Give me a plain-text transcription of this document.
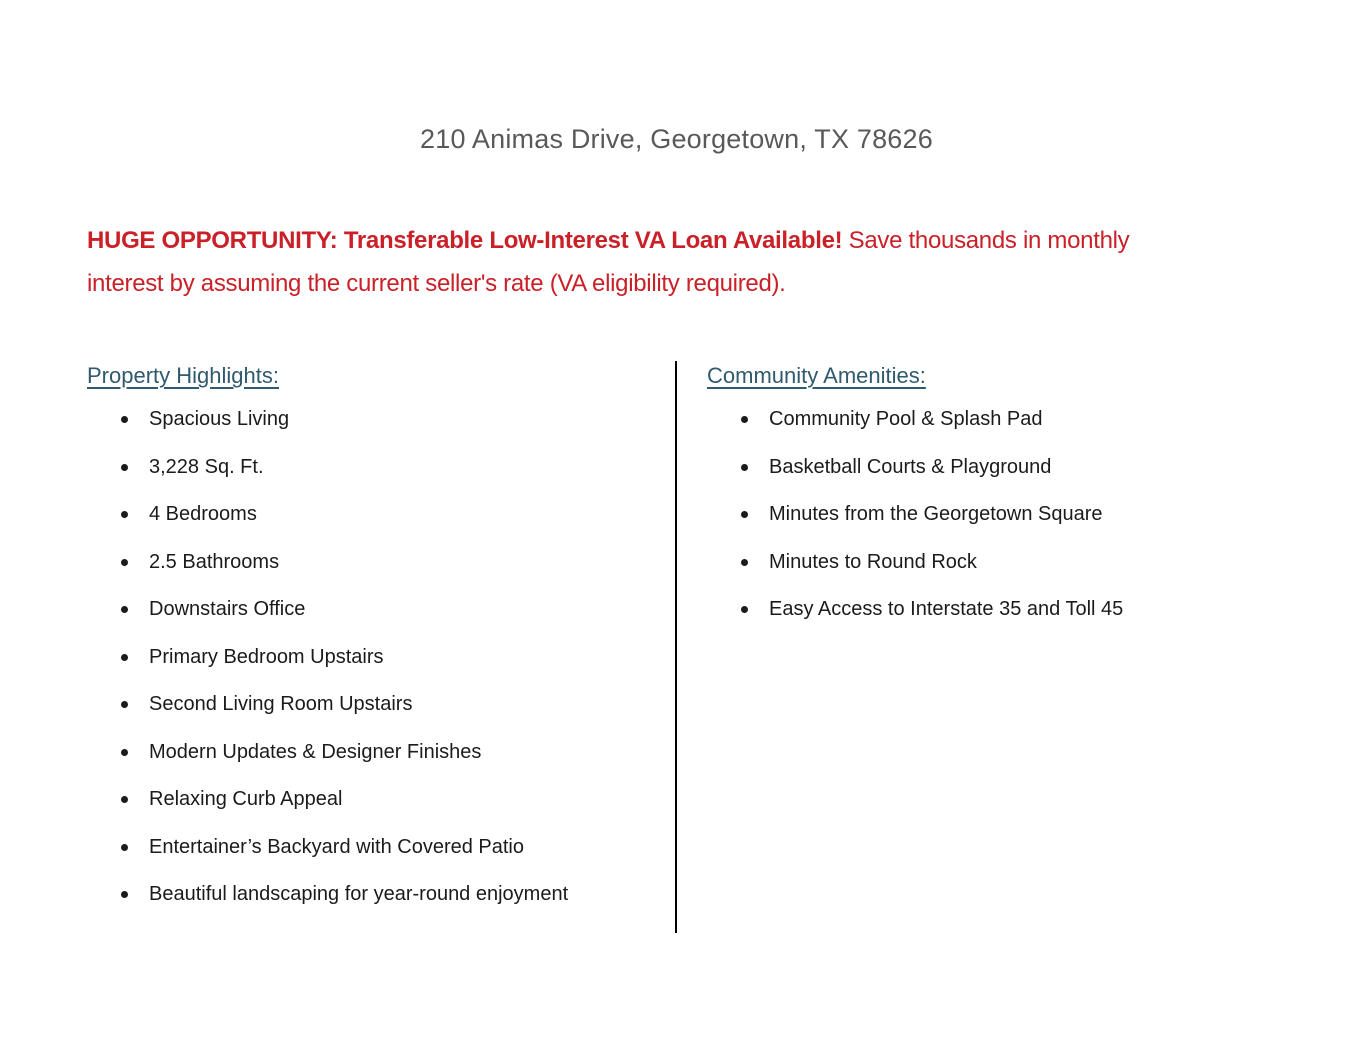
210 Animas Drive, Georgetown, TX 78626

HUGE OPPORTUNITY: Transferable Low-Interest VA Loan Available! Save thousands in monthly interest by assuming the current seller's rate (VA eligibility required).

Property Highlights:
Spacious Living
3,228 Sq. Ft.
4 Bedrooms
2.5 Bathrooms
Downstairs Office
Primary Bedroom Upstairs
Second Living Room Upstairs
Modern Updates & Designer Finishes
Relaxing Curb Appeal
Entertainer’s Backyard with Covered Patio
Beautiful landscaping for year-round enjoyment
Community Amenities:
Community Pool & Splash Pad
Basketball Courts & Playground
Minutes from the Georgetown Square
Minutes to Round Rock
Easy Access to Interstate 35 and Toll 45
